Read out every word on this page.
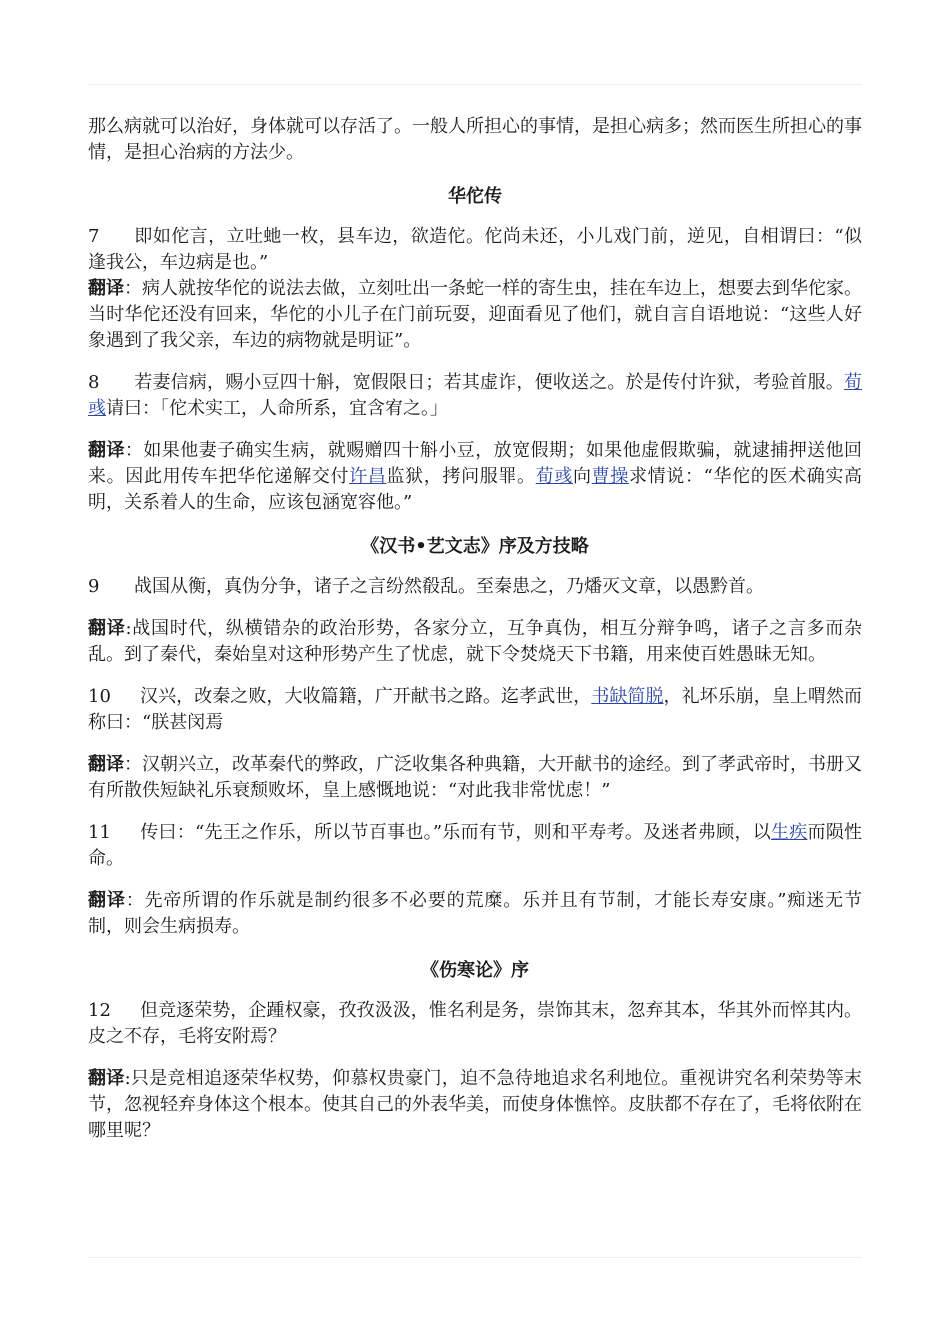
那么病就可以治好，身体就可以存活了。一般人所担心的事情，是担心病多；然而医生所担心的事情，是担心治病的方法少。

华佗传

7 即如佗言，立吐虵一枚，县车边，欲造佗。佗尚未还，小儿戏门前，逆见，自相谓曰：“似逢我公，车边病是也。”

翻译：病人就按华佗的说法去做，立刻吐出一条蛇一样的寄生虫，挂在车边上，想要去到华佗家。当时华佗还没有回来，华佗的小儿子在门前玩耍，迎面看见了他们，就自言自语地说：“这些人好象遇到了我父亲，车边的病物就是明证”。

8 若妻信病，赐小豆四十斛，宽假限日；若其虚诈，便收送之。於是传付许狱，考验首服。荀彧请曰：「佗术实工，人命所系，宜含宥之。」

翻译：如果他妻子确实生病，就赐赠四十斛小豆，放宽假期；如果他虚假欺骗，就逮捕押送他回来。因此用传车把华佗递解交付许昌监狱，拷问服罪。荀彧向曹操求情说：“华佗的医术确实高明，关系着人的生命，应该包涵宽容他。”

《汉书•艺文志》序及方技略

9 战国从衡，真伪分争，诸子之言纷然殽乱。至秦患之，乃燔灭文章，以愚黔首。

翻译:战国时代，纵横错杂的政治形势，各家分立，互争真伪，相互分辩争鸣，诸子之言多而杂乱。到了秦代，秦始皇对这种形势产生了忧虑，就下令焚烧天下书籍，用来使百姓愚昧无知。

10 汉兴，改秦之败，大收篇籍，广开献书之路。迄孝武世，书缺简脱，礼坏乐崩，皇上喟然而称曰：“朕甚闵焉

翻译：汉朝兴立，改革秦代的弊政，广泛收集各种典籍，大开献书的途经。到了孝武帝时，书册又有所散佚短缺礼乐衰颓败坏，皇上感慨地说：“对此我非常忧虑！”

11 传曰：“先王之作乐，所以节百事也。”乐而有节，则和平寿考。及迷者弗顾，以生疾而陨性命。

翻译：先帝所谓的作乐就是制约很多不必要的荒糜。乐并且有节制，才能长寿安康。”痴迷无节制，则会生病损寿。

《伤寒论》序

12 但竞逐荣势，企踵权豪，孜孜汲汲，惟名利是务，崇饰其末，忽弃其本，华其外而悴其内。皮之不存，毛将安附焉？

翻译:只是竞相追逐荣华权势，仰慕权贵豪门，迫不急待地追求名利地位。重视讲究名利荣势等末节，忽视轻弃身体这个根本。使其自己的外表华美，而使身体憔悴。皮肤都不存在了，毛将依附在哪里呢？
